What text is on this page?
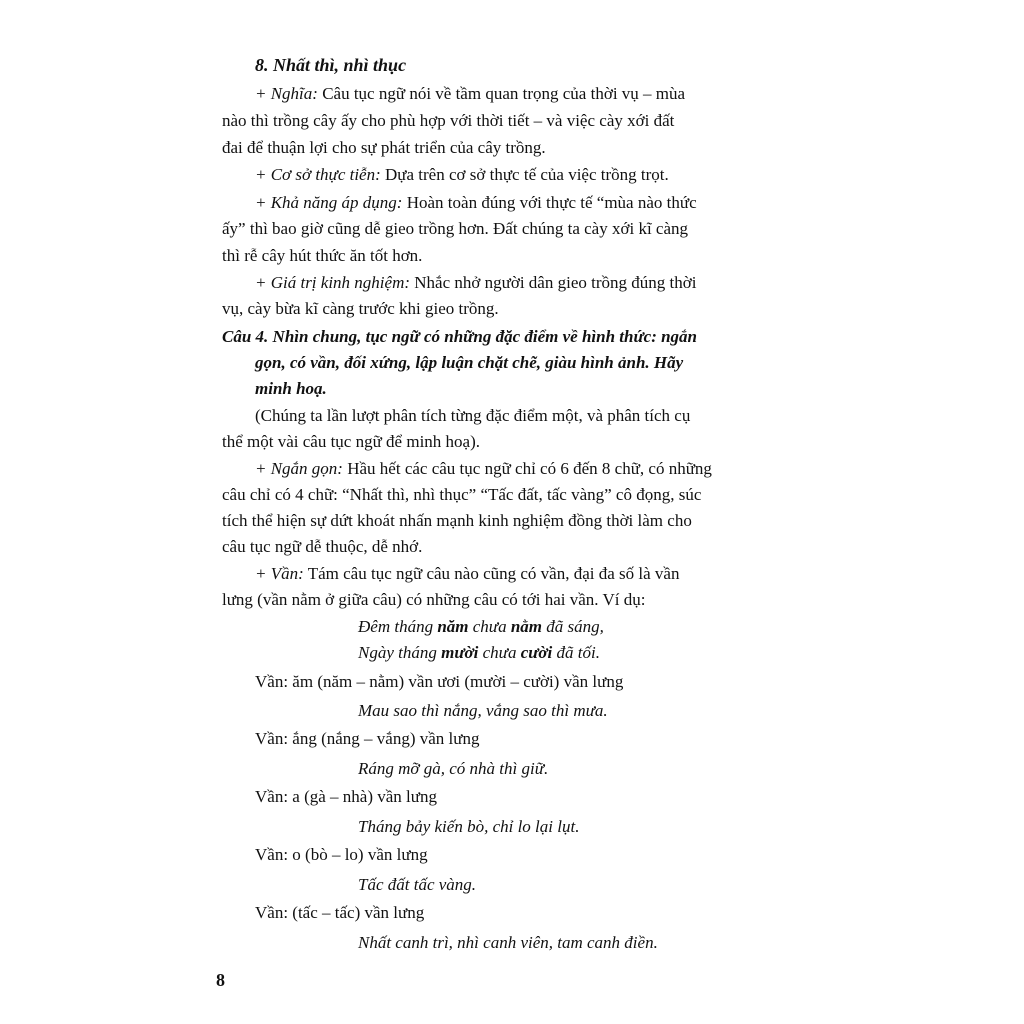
8. Nhất thì, nhì thục

+ Nghĩa: Câu tục ngữ nói về tầm quan trọng của thời vụ – mùa

nào thì trồng cây ấy cho phù hợp với thời tiết – và việc cày xới đất

đai để thuận lợi cho sự phát triển của cây trồng.

+ Cơ sở thực tiễn: Dựa trên cơ sở thực tế của việc trồng trọt.

+ Khả năng áp dụng: Hoàn toàn đúng với thực tế “mùa nào thức

ấy” thì bao giờ cũng dễ gieo trồng hơn. Đất chúng ta cày xới kĩ càng

thì rễ cây hút thức ăn tốt hơn.

+ Giá trị kinh nghiệm: Nhắc nhở người dân gieo trồng đúng thời

vụ, cày bừa kĩ càng trước khi gieo trồng.

Câu 4. Nhìn chung, tục ngữ có những đặc điểm về hình thức: ngắn

gọn, có vần, đối xứng, lập luận chặt chẽ, giàu hình ảnh. Hãy

minh hoạ.

(Chúng ta lần lượt phân tích từng đặc điểm một, và phân tích cụ

thể một vài câu tục ngữ để minh hoạ).

+ Ngắn gọn: Hầu hết các câu tục ngữ chỉ có 6 đến 8 chữ, có những

câu chỉ có 4 chữ: “Nhất thì, nhì thục” “Tấc đất, tấc vàng” cô đọng, súc

tích thể hiện sự dứt khoát nhấn mạnh kinh nghiệm đồng thời làm cho

câu tục ngữ dễ thuộc, dễ nhớ.

+ Vần: Tám câu tục ngữ câu nào cũng có vần, đại đa số là vần

lưng (vần nằm ở giữa câu) có những câu có tới hai vần. Ví dụ:

Đêm tháng năm chưa nằm đã sáng,

Ngày tháng mười chưa cười đã tối.

Vần: ăm (năm – nằm) vần ươi (mười – cười) vần lưng

Mau sao thì nắng, vắng sao thì mưa.

Vần: ắng (nắng – vắng) vần lưng

Ráng mỡ gà, có nhà thì giữ.

Vần: a (gà – nhà) vần lưng

Tháng bảy kiến bò, chỉ lo lại lụt.

Vần: o (bò – lo) vần lưng

Tấc đất tấc vàng.

Vần: (tấc – tấc) vần lưng

Nhất canh trì, nhì canh viên, tam canh điền.

8
